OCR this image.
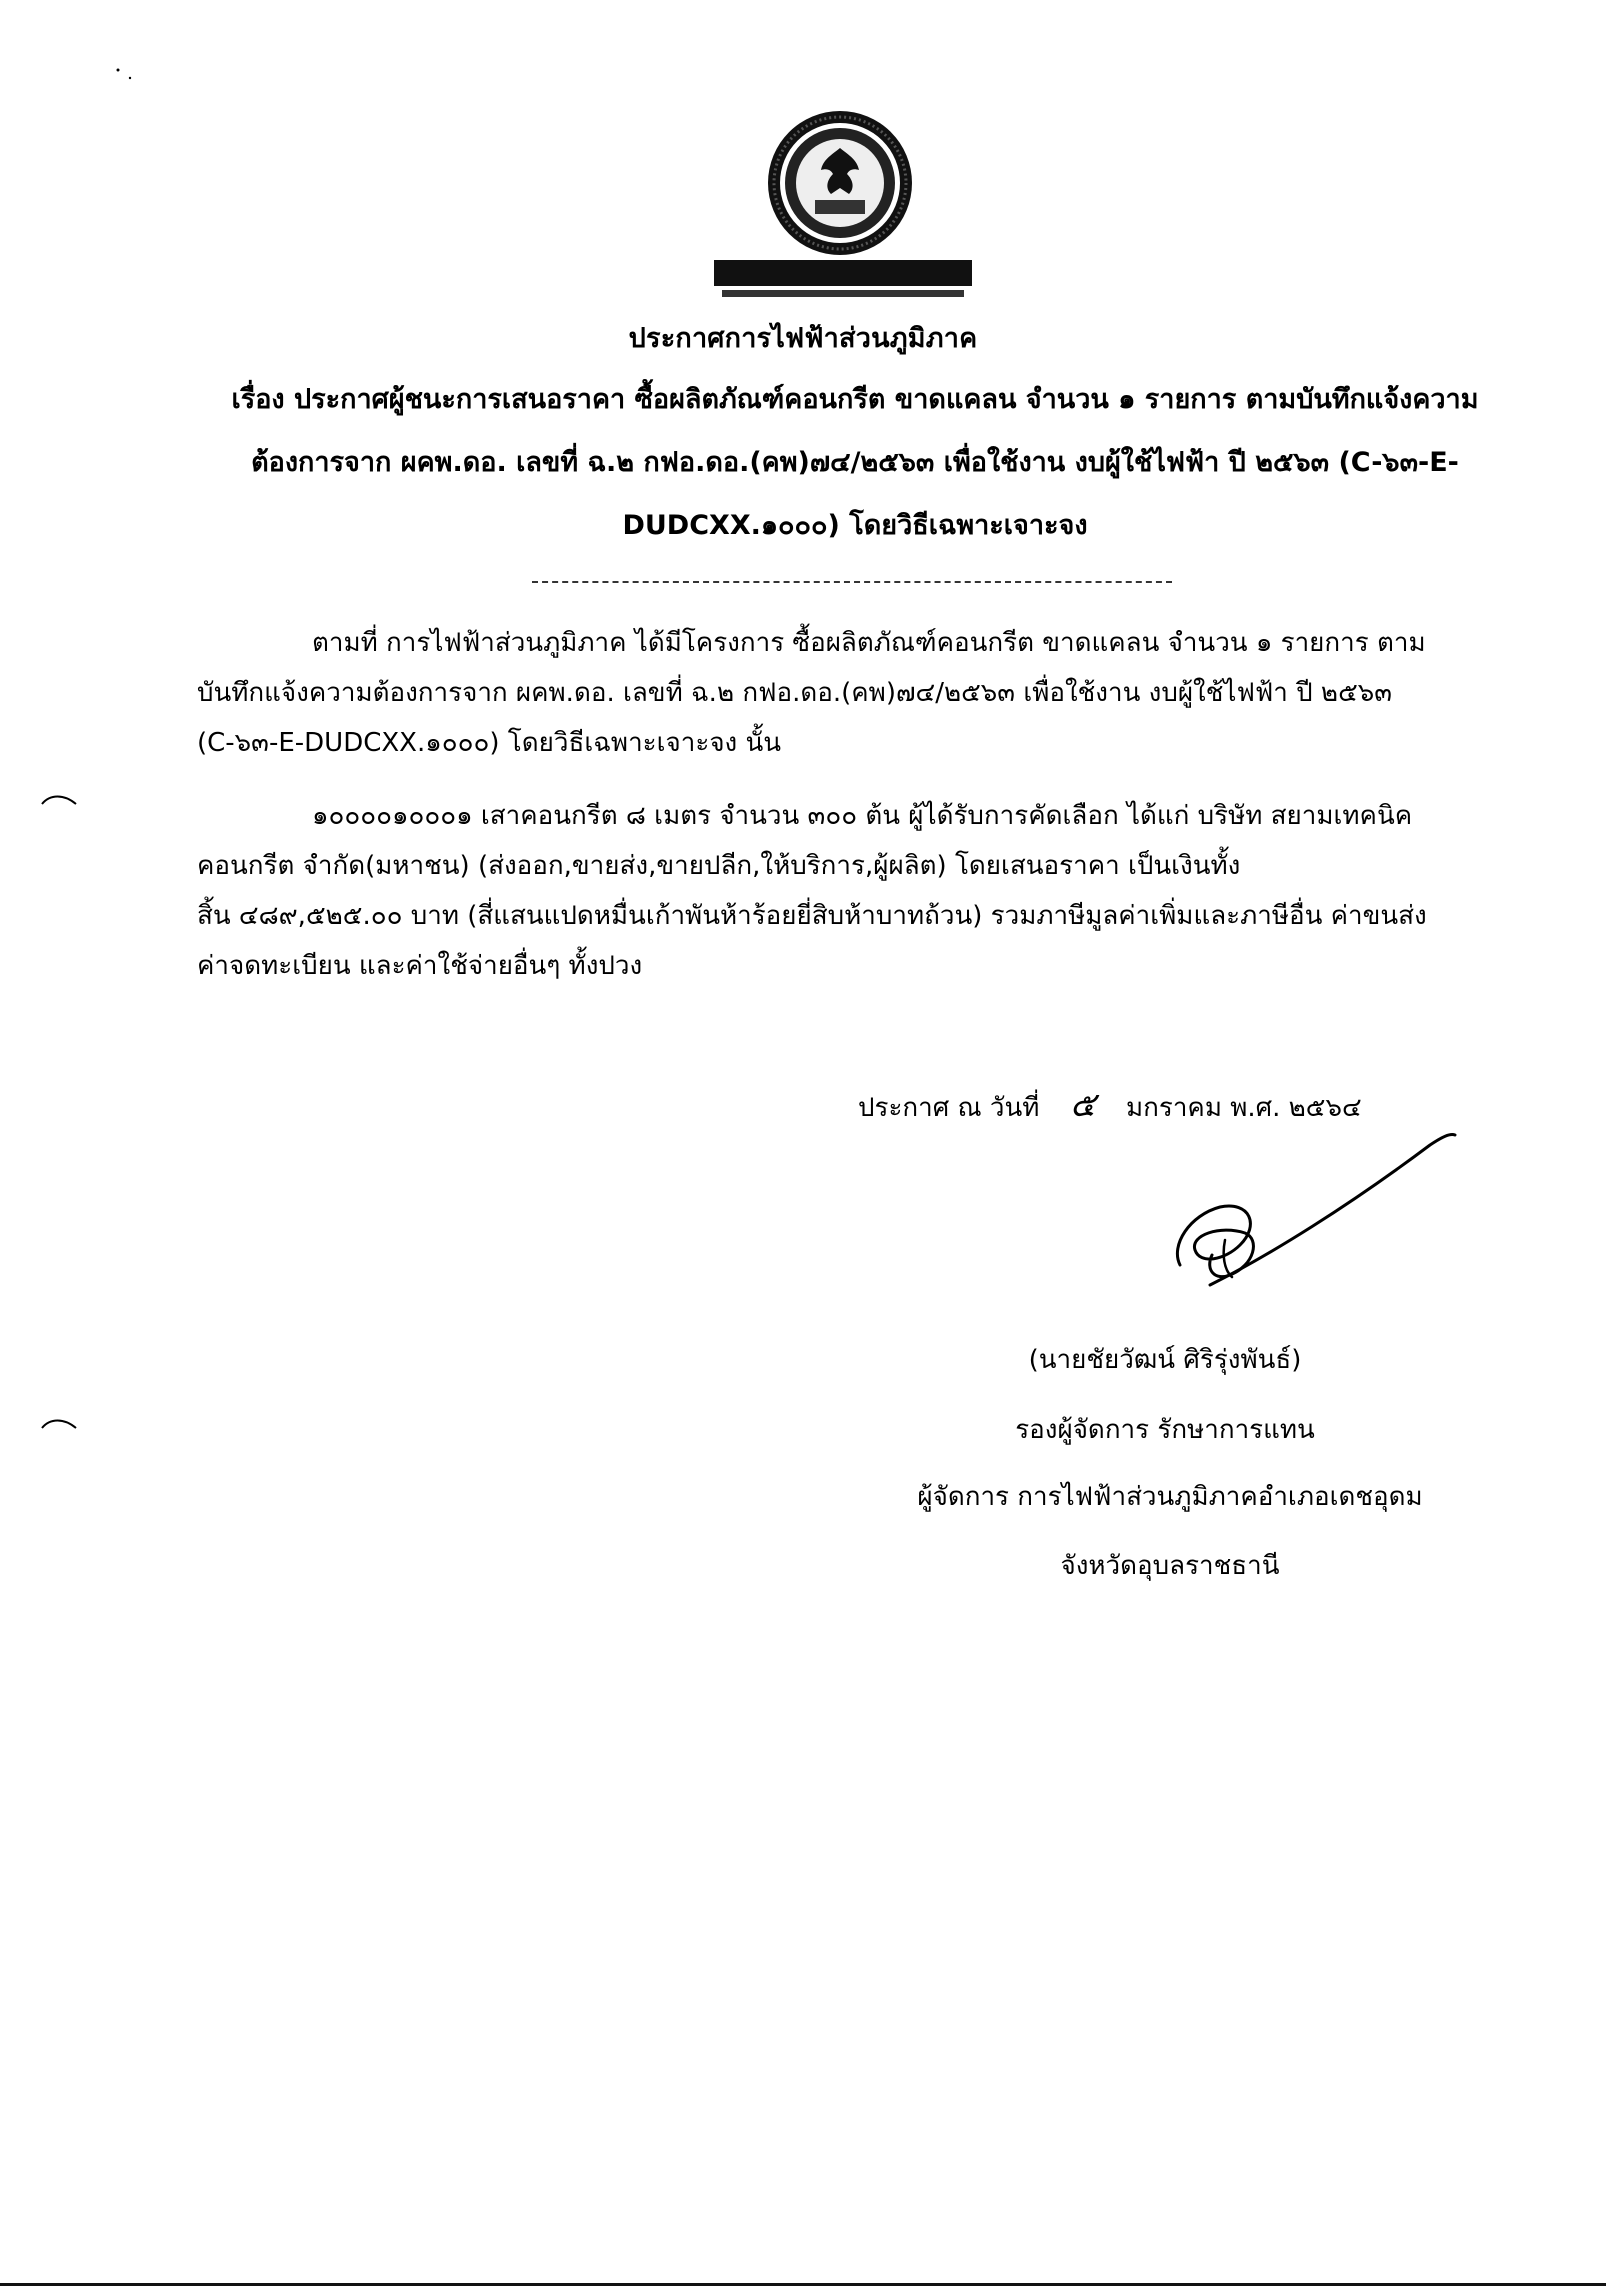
ประกาศการไฟฟ้าส่วนภูมิภาค

เรื่อง ประกาศผู้ชนะการเสนอราคา ซื้อผลิตภัณฑ์คอนกรีต ขาดแคลน จำนวน ๑ รายการ ตามบันทึกแจ้งความ
ต้องการจาก ผคพ.ดอ. เลขที่ ฉ.๒ กฟอ.ดอ.(คพ)๗๔/๒๕๖๓ เพื่อใช้งาน งบผู้ใช้ไฟฟ้า ปี ๒๕๖๓ (C-๖๓-E-
DUDCXX.๑๐๐๐) โดยวิธีเฉพาะเจาะจง

ตามที่ การไฟฟ้าส่วนภูมิภาค ได้มีโครงการ ซื้อผลิตภัณฑ์คอนกรีต ขาดแคลน จำนวน ๑ รายการ ตาม
บันทึกแจ้งความต้องการจาก ผคพ.ดอ. เลขที่ ฉ.๒ กฟอ.ดอ.(คพ)๗๔/๒๕๖๓ เพื่อใช้งาน งบผู้ใช้ไฟฟ้า ปี ๒๕๖๓
(C-๖๓-E-DUDCXX.๑๐๐๐) โดยวิธีเฉพาะเจาะจง นั้น
๑๐๐๐๐๑๐๐๐๑ เสาคอนกรีต ๘ เมตร จำนวน ๓๐๐ ต้น ผู้ได้รับการคัดเลือก ได้แก่ บริษัท สยามเทคนิค
คอนกรีต จำกัด(มหาชน) (ส่งออก,ขายส่ง,ขายปลีก,ให้บริการ,ผู้ผลิต) โดยเสนอราคา เป็นเงินทั้ง
สิ้น ๔๘๙,๕๒๕.๐๐ บาท (สี่แสนแปดหมื่นเก้าพันห้าร้อยยี่สิบห้าบาทถ้วน) รวมภาษีมูลค่าเพิ่มและภาษีอื่น ค่าขนส่ง
ค่าจดทะเบียน และค่าใช้จ่ายอื่นๆ ทั้งปวง
ประกาศ ณ วันที่ ๕ มกราคม พ.ศ. ๒๕๖๔
(นายชัยวัฒน์ ศิริรุ่งพันธ์)
รองผู้จัดการ รักษาการแทน
ผู้จัดการ การไฟฟ้าส่วนภูมิภาคอำเภอเดชอุดม
จังหวัดอุบลราชธานี
